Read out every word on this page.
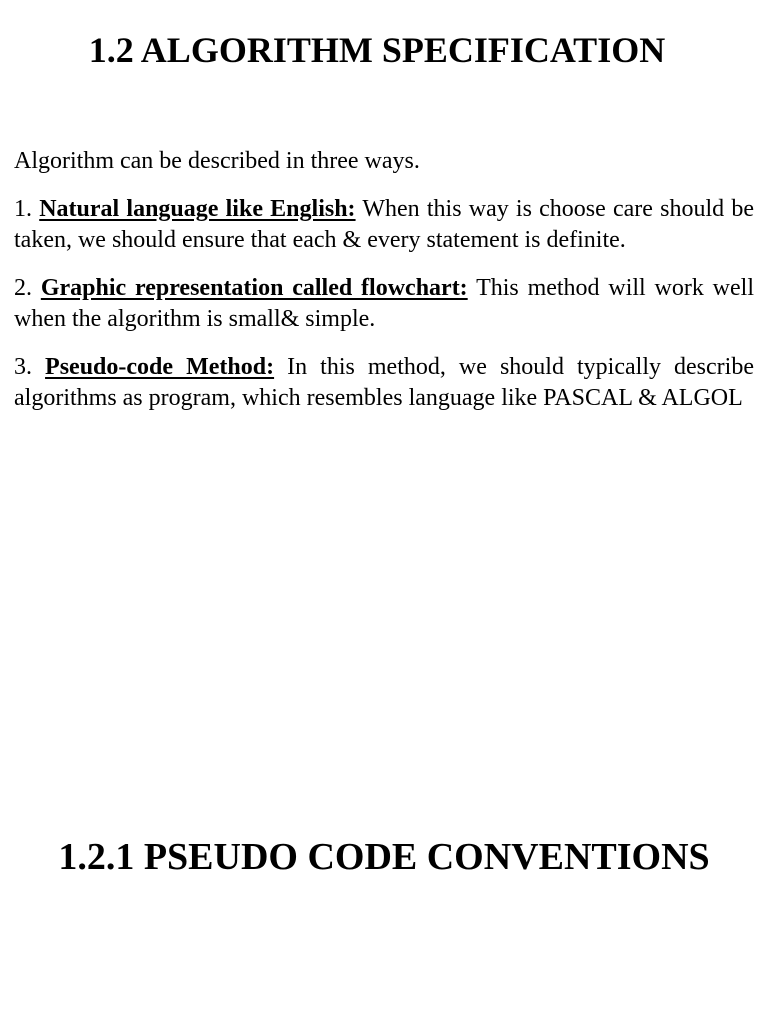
1.2 ALGORITHM SPECIFICATION

Algorithm can be described in three ways.

1. Natural language like English: When this way is choose care should be taken, we should ensure that each & every statement is definite.

2. Graphic representation called flowchart: This method will work well when the algorithm is small& simple.

3. Pseudo-code Method: In this method, we should typically describe algorithms as program, which resembles language like PASCAL & ALGOL

1.2.1 PSEUDO CODE CONVENTIONS
